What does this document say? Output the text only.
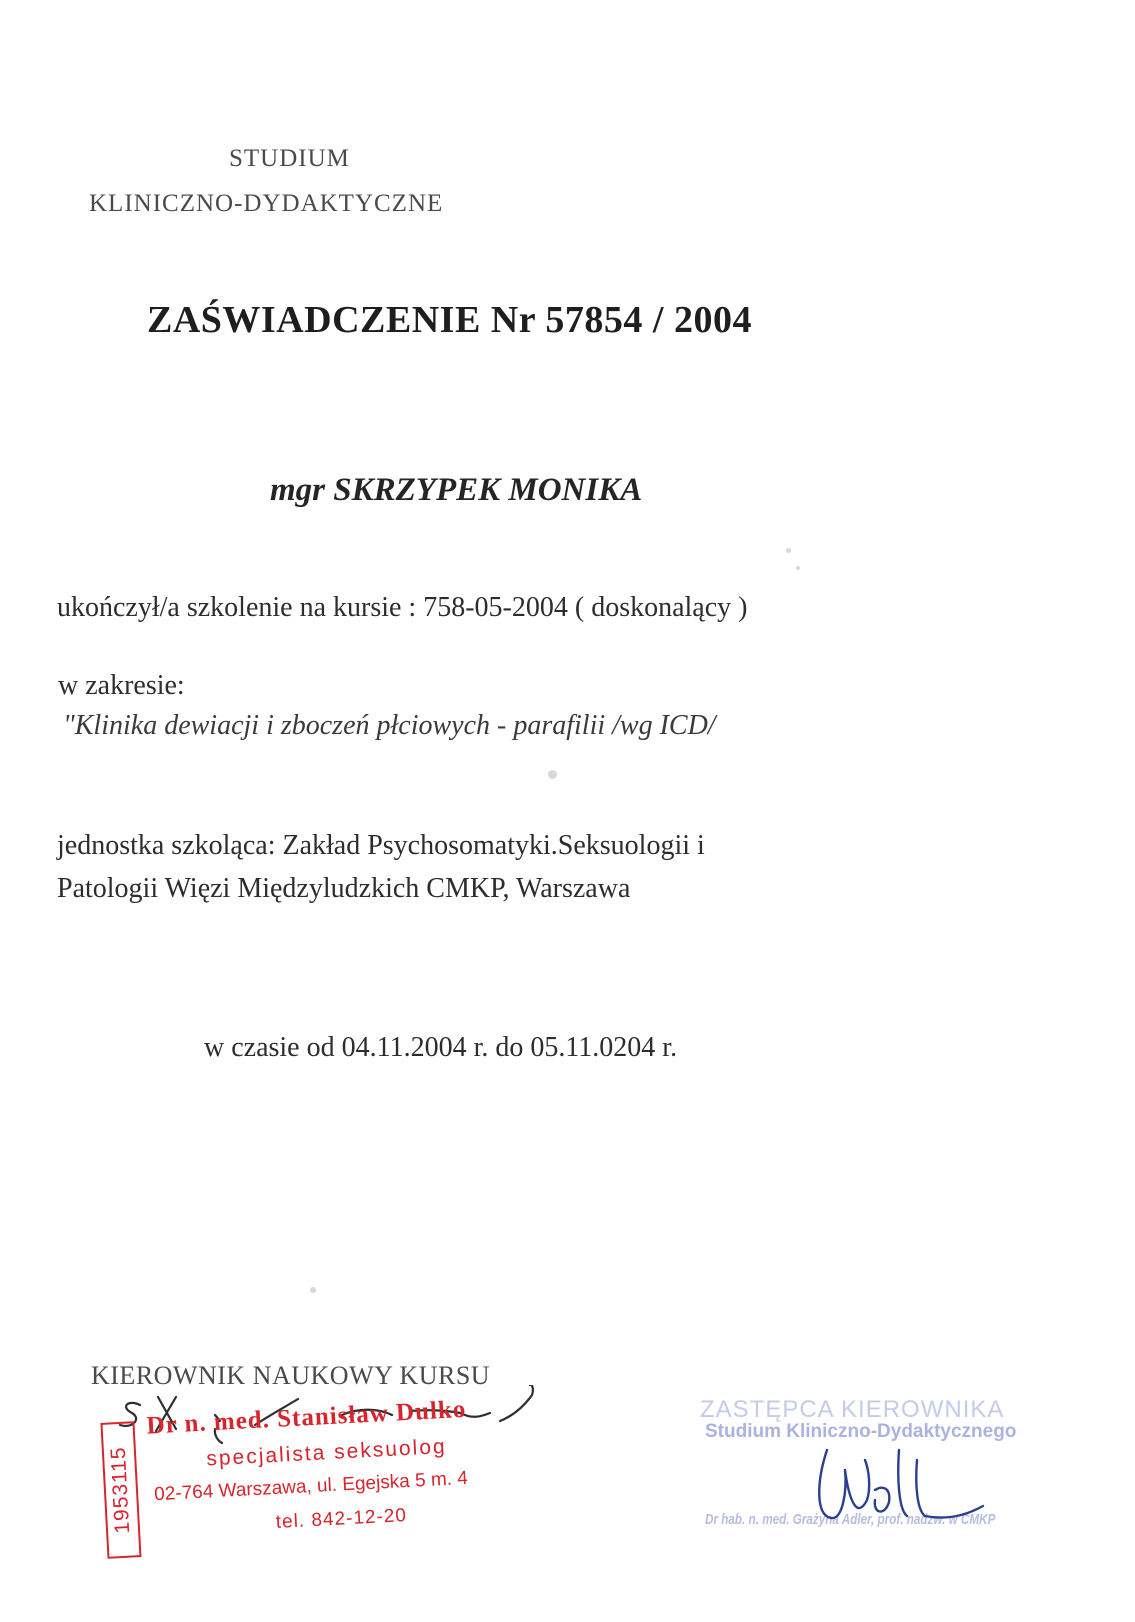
STUDIUM
KLINICZNO-DYDAKTYCZNE
ZAŚWIADCZENIE Nr 57854 / 2004
mgr SKRZYPEK MONIKA
ukończył/a szkolenie na kursie : 758-05-2004 ( doskonalący )
w zakresie:
"Klinika dewiacji i zboczeń płciowych - parafilii /wg ICD/
jednostka szkoląca: Zakład Psychosomatyki.Seksuologii i
Patologii Więzi Międzyludzkich CMKP, Warszawa
w czasie od 04.11.2004 r. do 05.11.0204 r.
KIEROWNIK NAUKOWY KURSU
1953115
Dr n. med. Stanisław Dulko
specjalista seksuolog
02-764 Warszawa, ul. Egejska 5 m. 4
tel. 842-12-20
ZASTĘPCA KIEROWNIKA
Studium Kliniczno-Dydaktycznego
Dr hab. n. med. Grażyna Adler, prof. nadzw. w CMKP
